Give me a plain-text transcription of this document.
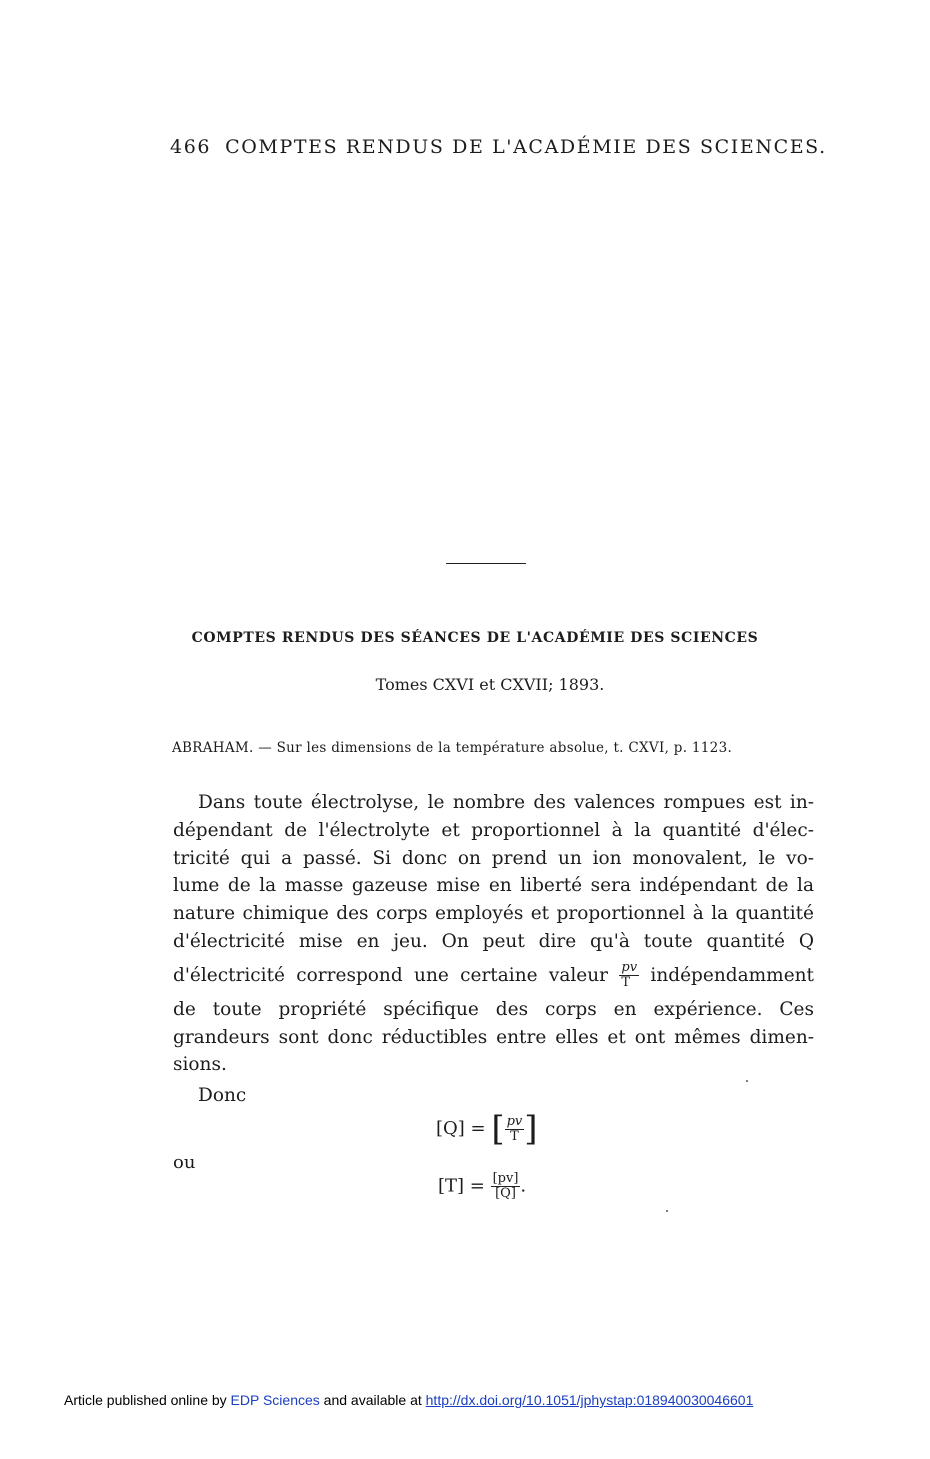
466 COMPTES RENDUS DE L'ACADÉMIE DES SCIENCES.
COMPTES RENDUS DES SÉANCES DE L'ACADÉMIE DES SCIENCES
Tomes CXVI et CXVII; 1893.
ABRAHAM. — Sur les dimensions de la température absolue, t. CXVI, p. 1123.
Dans toute électrolyse, le nombre des valences rompues est in-
dépendant de l'électrolyte et proportionnel à la quantité d'élec-
tricité qui a passé. Si donc on prend un ion monovalent, le vo-
lume de la masse gazeuse mise en liberté sera indépendant de la
nature chimique des corps employés et proportionnel à la quantité
d'électricité mise en jeu. On peut dire qu'à toute quantité Q
d'électricité correspond une certaine valeur $\frac{pv}{T}$ indépendamment
de toute propriété spécifique des corps en expérience. Ces
grandeurs sont donc réductibles entre elles et ont mêmes dimen-
sions.
Donc
[Q] = [ $\frac{pv}{T}$ ]
ou
$[T] = \frac{[pv]}{[Q]}$ .
Article published online by EDP Sciences and available at http://dx.doi.org/10.1051/jphystap:018940030046601
